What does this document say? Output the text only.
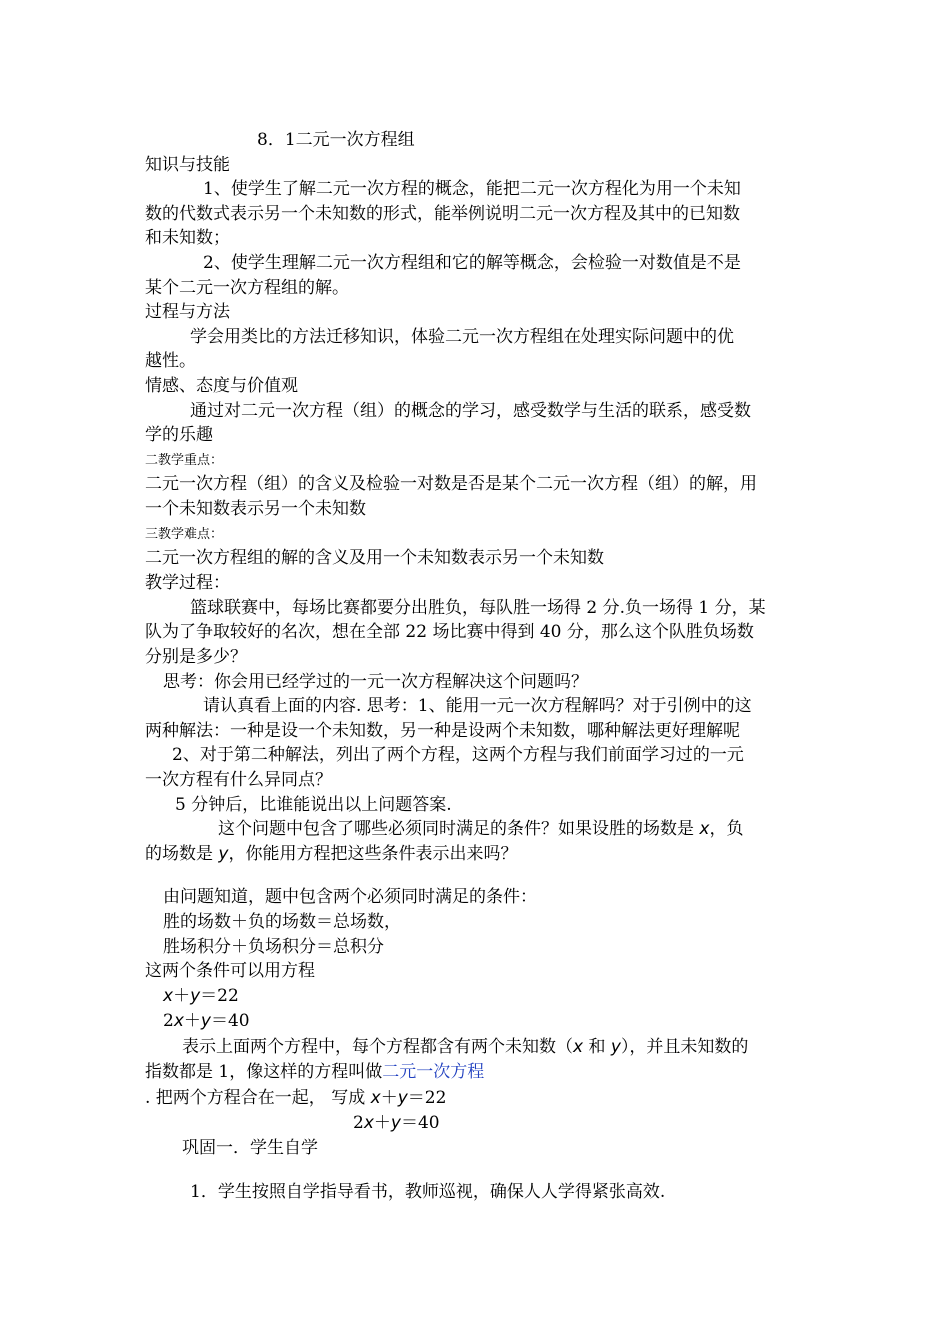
8．1二元一次方程组
知识与技能
1、使学生了解二元一次方程的概念，能把二元一次方程化为用一个未知
数的代数式表示另一个未知数的形式，能举例说明二元一次方程及其中的已知数
和未知数；
2、使学生理解二元一次方程组和它的解等概念，会检验一对数值是不是
某个二元一次方程组的解。
过程与方法
学会用类比的方法迁移知识，体验二元一次方程组在处理实际问题中的优
越性。
情感、态度与价值观
通过对二元一次方程（组）的概念的学习，感受数学与生活的联系，感受数
学的乐趣
二教学重点：
二元一次方程（组）的含义及检验一对数是否是某个二元一次方程（组）的解，用
一个未知数表示另一个未知数
三教学难点：
二元一次方程组的解的含义及用一个未知数表示另一个未知数
教学过程：
篮球联赛中，每场比赛都要分出胜负，每队胜一场得 2 分.负一场得 1 分，某
队为了争取较好的名次，想在全部 22 场比赛中得到 40 分，那么这个队胜负场数
分别是多少？
思考：你会用已经学过的一元一次方程解决这个问题吗？
请认真看上面的内容. 思考：1、能用一元一次方程解吗？对于引例中的这
两种解法：一种是设一个未知数，另一种是设两个未知数，哪种解法更好理解呢
2、对于第二种解法，列出了两个方程，这两个方程与我们前面学习过的一元
一次方程有什么异同点？
5 分钟后，比谁能说出以上问题答案.
这个问题中包含了哪些必须同时满足的条件？如果设胜的场数是 x，负
的场数是 y，你能用方程把这些条件表示出来吗？
由问题知道，题中包含两个必须同时满足的条件：
胜的场数＋负的场数＝总场数，
胜场积分＋负场积分＝总积分
这两个条件可以用方程
x＋y＝22
2x＋y＝40
表示上面两个方程中，每个方程都含有两个未知数（x 和 y），并且未知数的
指数都是 1，像这样的方程叫做二元一次方程
. 把两个方程合在一起， 写成 x＋y＝22
2x＋y＝40
巩固一．学生自学
1．学生按照自学指导看书，教师巡视，确保人人学得紧张高效.
